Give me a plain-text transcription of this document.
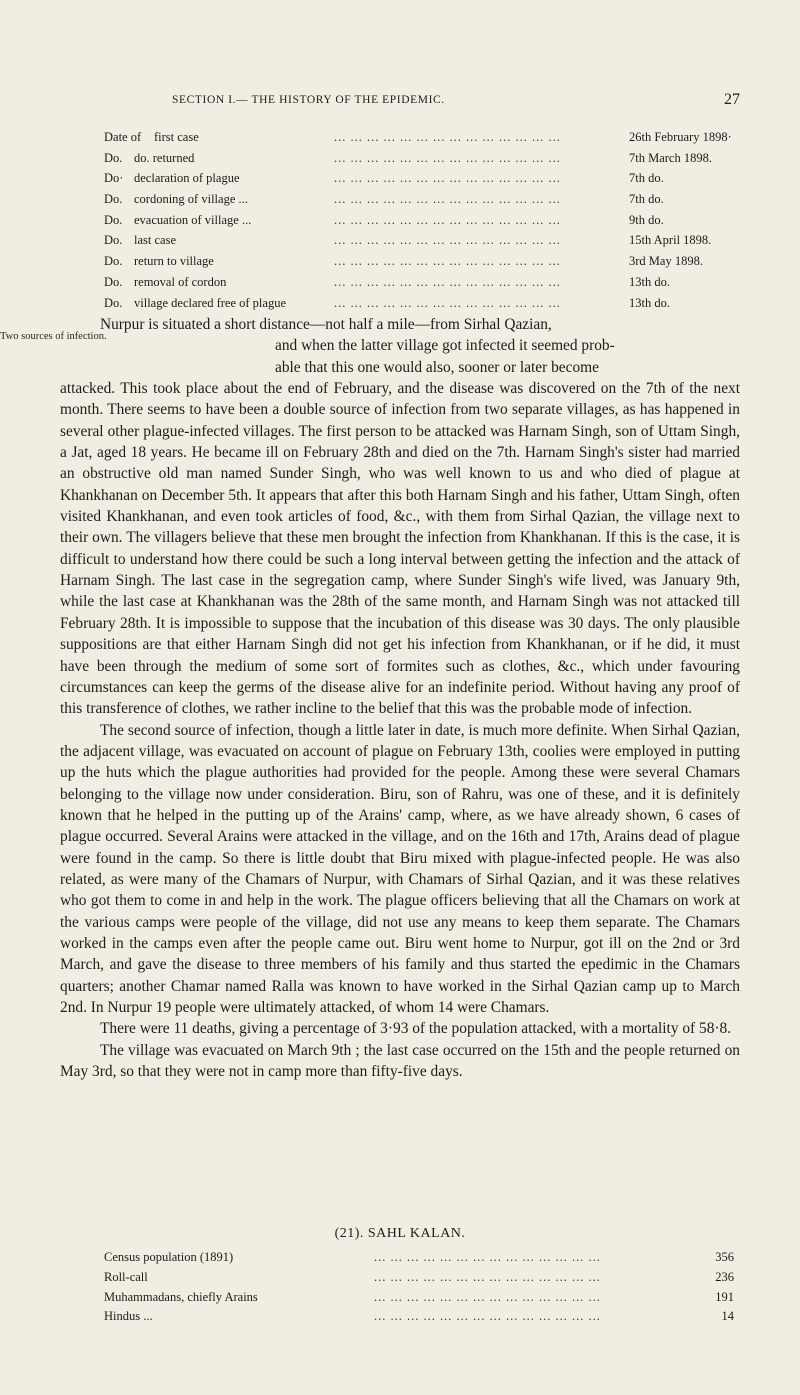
SECTION I.— THE HISTORY OF THE EPIDEMIC.	27
Date of first case	... ... ... ... ... ... ... ... ... ... ... ... ... ...	26th February 1898·
Do. do. returned	... ... ... ... ... ... ... ... ... ... ... ... ... ...	7th March 1898.
Do· declaration of plague	... ... ... ... ... ... ... ... ... ... ... ... ... ...	7th do.
Do. cordoning of village ...	... ... ... ... ... ... ... ... ... ... ... ... ... ...	7th do.
Do. evacuation of village ...	... ... ... ... ... ... ... ... ... ... ... ... ... ...	9th do.
Do. last case	... ... ... ... ... ... ... ... ... ... ... ... ... ...	15th April 1898.
Do. return to village	... ... ... ... ... ... ... ... ... ... ... ... ... ...	3rd May 1898.
Do. removal of cordon	... ... ... ... ... ... ... ... ... ... ... ... ... ...	13th do.
Do. village declared free of plague	... ... ... ... ... ... ... ... ... ... ... ... ... ...	13th do.
Two sources of infection.

Nurpur is situated a short distance—not half a mile—from Sirhal Qazian,
and when the latter village got infected it seemed prob-
able that this one would also, sooner or later become
attacked. This took place about the end of February, and the disease was discovered on the 7th of the next month. There seems to have been a double source of infection from two separate villages, as has happened in several other plague-infected villages. The first person to be attacked was Harnam Singh, son of Uttam Singh, a Jat, aged 18 years. He became ill on February 28th and died on the 7th. Harnam Singh's sister had married an obstructive old man named Sunder Singh, who was well known to us and who died of plague at Khankhanan on December 5th. It appears that after this both Harnam Singh and his father, Uttam Singh, often visited Khankhanan, and even took articles of food, &c., with them from Sirhal Qazian, the village next to their own. The villagers believe that these men brought the infection from Khankhanan. If this is the case, it is difficult to understand how there could be such a long interval between getting the infection and the attack of Harnam Singh. The last case in the segregation camp, where Sunder Singh's wife lived, was January 9th, while the last case at Khankhanan was the 28th of the same month, and Harnam Singh was not attacked till February 28th. It is impossible to suppose that the incubation of this disease was 30 days. The only plausible suppositions are that either Harnam Singh did not get his infection from Khankhanan, or if he did, it must have been through the medium of some sort of formites such as clothes, &c., which under favouring circumstances can keep the germs of the disease alive for an indefinite period. Without having any proof of this transference of clothes, we rather incline to the belief that this was the probable mode of infection.

The second source of infection, though a little later in date, is much more definite. When Sirhal Qazian, the adjacent village, was evacuated on account of plague on February 13th, coolies were employed in putting up the huts which the plague authorities had provided for the people. Among these were several Chamars belonging to the village now under consideration. Biru, son of Rahru, was one of these, and it is definitely known that he helped in the putting up of the Arains' camp, where, as we have already shown, 6 cases of plague occurred. Several Arains were attacked in the village, and on the 16th and 17th, Arains dead of plague were found in the camp. So there is little doubt that Biru mixed with plague-infected people. He was also related, as were many of the Chamars of Nurpur, with Chamars of Sirhal Qazian, and it was these relatives who got them to come in and help in the work. The plague officers believing that all the Chamars on work at the various camps were people of the village, did not use any means to keep them separate. The Chamars worked in the camps even after the people came out. Biru went home to Nurpur, got ill on the 2nd or 3rd March, and gave the disease to three members of his family and thus started the epedimic in the Chamars quarters; another Chamar named Ralla was known to have worked in the Sirhal Qazian camp up to March 2nd. In Nurpur 19 people were ultimately attacked, of whom 14 were Chamars.

There were 11 deaths, giving a percentage of 3·93 of the population attacked, with a mortality of 58·8.

The village was evacuated on March 9th ; the last case occurred on the 15th and the people returned on May 3rd, so that they were not in camp more than fifty-five days.

(21). SAHL KALAN.
Census population (1891)	... ... ... ... ... ... ... ... ... ... ... ... ... ...	356
Roll-call	... ... ... ... ... ... ... ... ... ... ... ... ... ...	236
Muhammadans, chiefly Arains	... ... ... ... ... ... ... ... ... ... ... ... ... ...	191
Hindus ...	... ... ... ... ... ... ... ... ... ... ... ... ... ...	14
